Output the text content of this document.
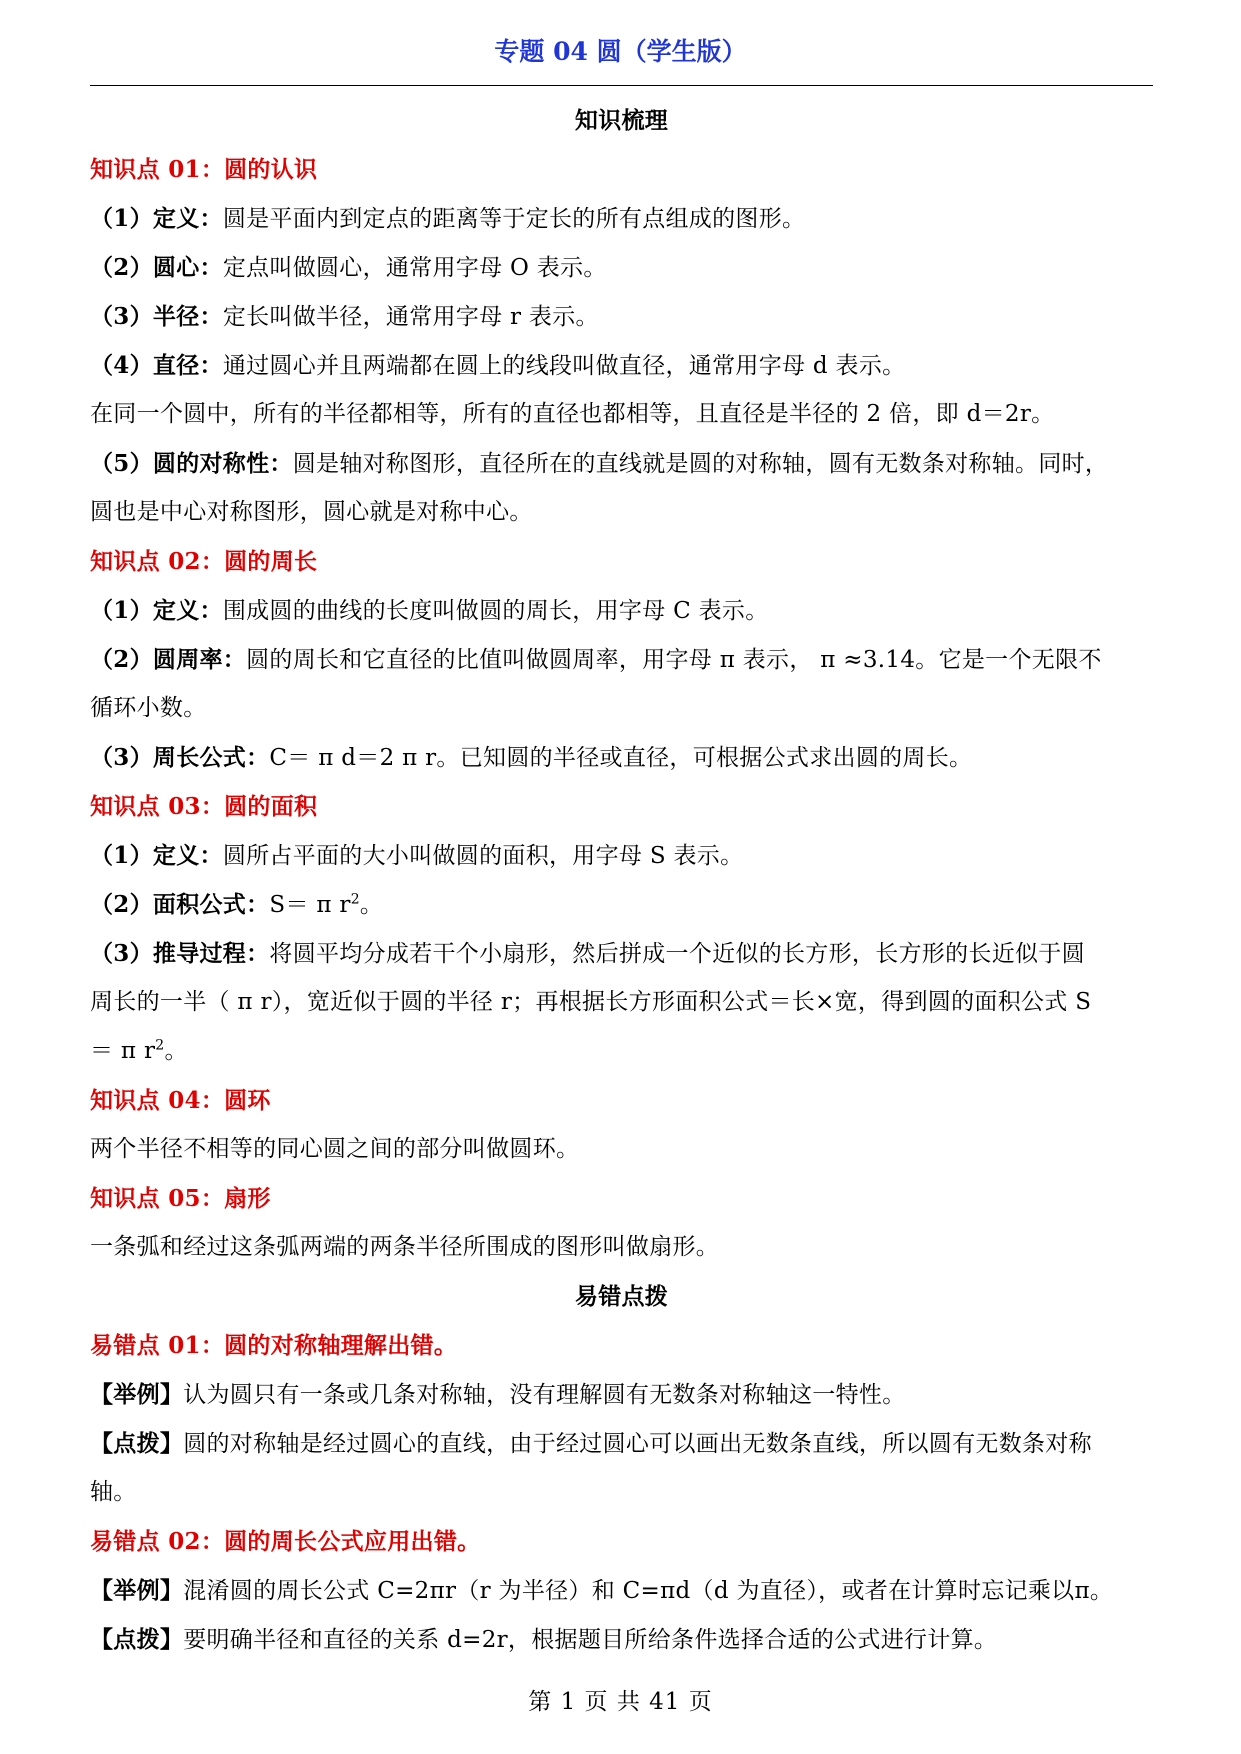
专题 04 圆（学生版）
知识梳理
知识点 01：圆的认识
（1）定义：圆是平面内到定点的距离等于定长的所有点组成的图形。
（2）圆心：定点叫做圆心，通常用字母 O 表示。
（3）半径：定长叫做半径，通常用字母 r 表示。
（4）直径：通过圆心并且两端都在圆上的线段叫做直径，通常用字母 d 表示。
在同一个圆中，所有的半径都相等，所有的直径也都相等，且直径是半径的 2 倍，即 d＝2r。
（5）圆的对称性：圆是轴对称图形，直径所在的直线就是圆的对称轴，圆有无数条对称轴。同时，
圆也是中心对称图形，圆心就是对称中心。
知识点 02：圆的周长
（1）定义：围成圆的曲线的长度叫做圆的周长，用字母 C 表示。
（2）圆周率：圆的周长和它直径的比值叫做圆周率，用字母 π 表示， π ≈3.14。它是一个无限不
循环小数。
（3）周长公式：C＝ π d＝2 π r。已知圆的半径或直径，可根据公式求出圆的周长。
知识点 03：圆的面积
（1）定义：圆所占平面的大小叫做圆的面积，用字母 S 表示。
（2）面积公式：S＝ π $r^2$。
（3）推导过程：将圆平均分成若干个小扇形，然后拼成一个近似的长方形，长方形的长近似于圆
周长的一半（ π r），宽近似于圆的半径 r；再根据长方形面积公式＝长×宽，得到圆的面积公式 S
＝ π $r^2$。
知识点 04：圆环
两个半径不相等的同心圆之间的部分叫做圆环。
知识点 05：扇形
一条弧和经过这条弧两端的两条半径所围成的图形叫做扇形。
易错点拨
易错点 01：圆的对称轴理解出错。
【举例】认为圆只有一条或几条对称轴，没有理解圆有无数条对称轴这一特性。
【点拨】圆的对称轴是经过圆心的直线，由于经过圆心可以画出无数条直线，所以圆有无数条对称
轴。
易错点 02：圆的周长公式应用出错。
【举例】混淆圆的周长公式 C=2πr（r 为半径）和 C=πd（d 为直径），或者在计算时忘记乘以π。
【点拨】要明确半径和直径的关系 d=2r，根据题目所给条件选择合适的公式进行计算。
第 1 页 共 41 页
